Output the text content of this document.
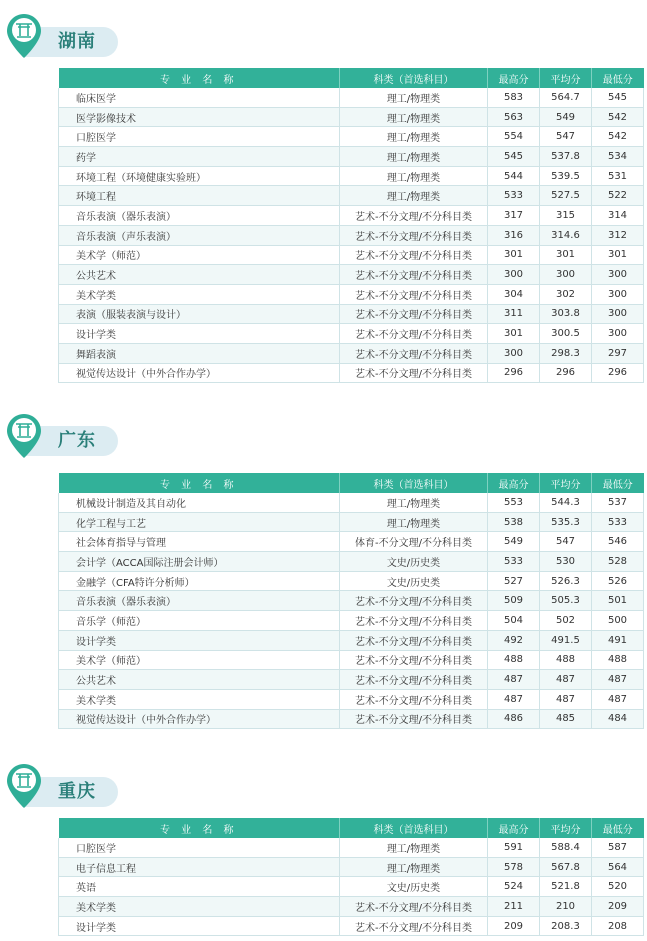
湖南
专 业 名 称	科类（首选科目）	最高分	平均分	最低分
临床医学	理工/物理类	583	564.7	545
医学影像技术	理工/物理类	563	549	542
口腔医学	理工/物理类	554	547	542
药学	理工/物理类	545	537.8	534
环境工程（环境健康实验班）	理工/物理类	544	539.5	531
环境工程	理工/物理类	533	527.5	522
音乐表演（器乐表演）	艺术-不分文理/不分科目类	317	315	314
音乐表演（声乐表演）	艺术-不分文理/不分科目类	316	314.6	312
美术学（师范）	艺术-不分文理/不分科目类	301	301	301
公共艺术	艺术-不分文理/不分科目类	300	300	300
美术学类	艺术-不分文理/不分科目类	304	302	300
表演（服装表演与设计）	艺术-不分文理/不分科目类	311	303.8	300
设计学类	艺术-不分文理/不分科目类	301	300.5	300
舞蹈表演	艺术-不分文理/不分科目类	300	298.3	297
视觉传达设计（中外合作办学）	艺术-不分文理/不分科目类	296	296	296
广东
专 业 名 称	科类（首选科目）	最高分	平均分	最低分
机械设计制造及其自动化	理工/物理类	553	544.3	537
化学工程与工艺	理工/物理类	538	535.3	533
社会体育指导与管理	体育-不分文理/不分科目类	549	547	546
会计学（ACCA国际注册会计师）	文史/历史类	533	530	528
金融学（CFA特许分析师）	文史/历史类	527	526.3	526
音乐表演（器乐表演）	艺术-不分文理/不分科目类	509	505.3	501
音乐学（师范）	艺术-不分文理/不分科目类	504	502	500
设计学类	艺术-不分文理/不分科目类	492	491.5	491
美术学（师范）	艺术-不分文理/不分科目类	488	488	488
公共艺术	艺术-不分文理/不分科目类	487	487	487
美术学类	艺术-不分文理/不分科目类	487	487	487
视觉传达设计（中外合作办学）	艺术-不分文理/不分科目类	486	485	484
重庆
专 业 名 称	科类（首选科目）	最高分	平均分	最低分
口腔医学	理工/物理类	591	588.4	587
电子信息工程	理工/物理类	578	567.8	564
英语	文史/历史类	524	521.8	520
美术学类	艺术-不分文理/不分科目类	211	210	209
设计学类	艺术-不分文理/不分科目类	209	208.3	208
